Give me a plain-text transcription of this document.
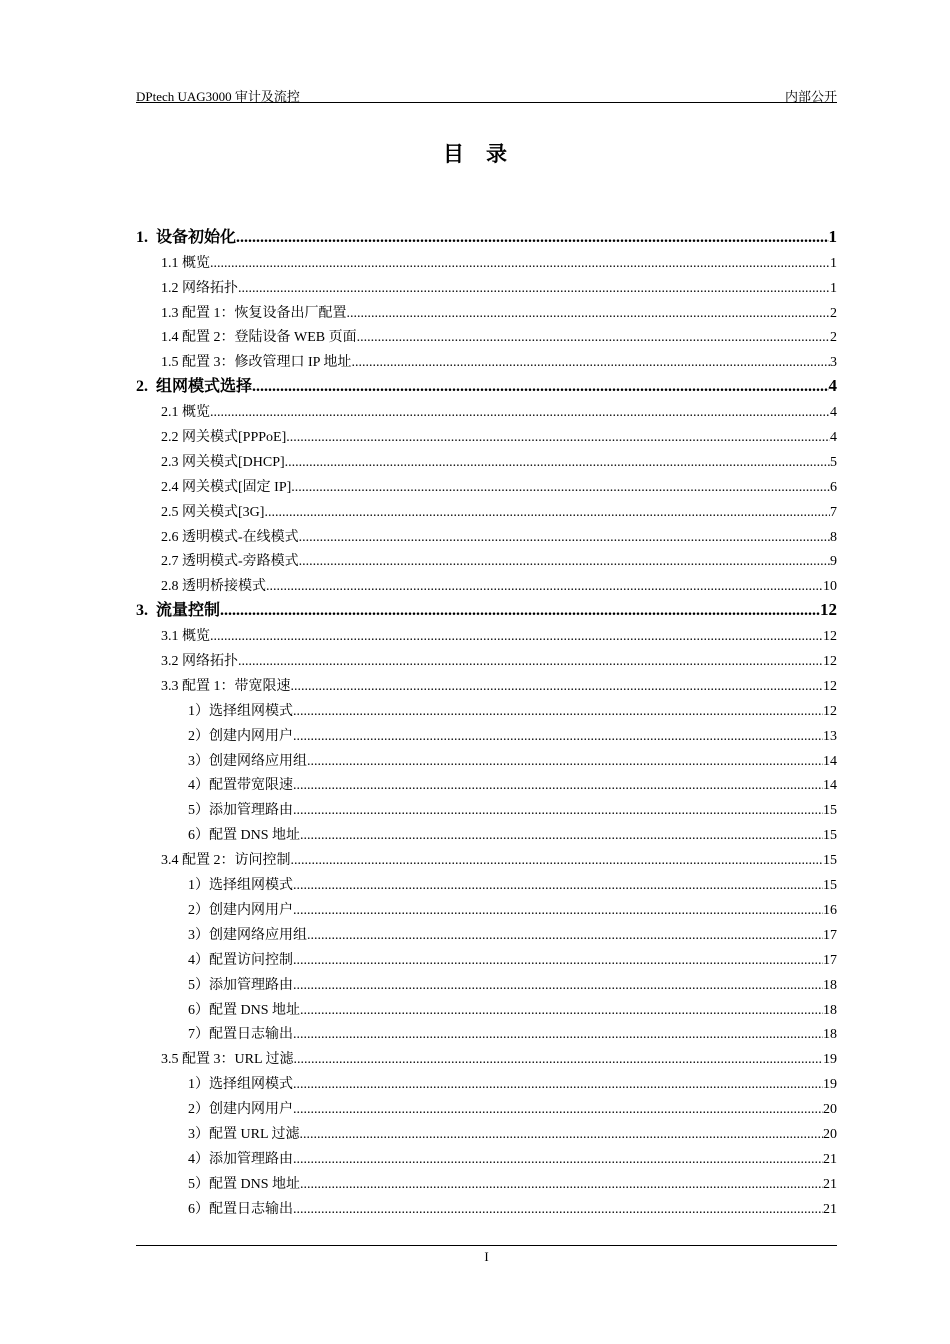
DPtech UAG3000 审计及流控	内部公开
目录
1. 设备初始化 .....	1
1.1 概览 .....	1
1.2 网络拓扑 .....	1
1.3 配置 1：恢复设备出厂配置 .....	2
1.4 配置 2：登陆设备 WEB 页面 .....	2
1.5 配置 3：修改管理口 IP 地址 .....	3
2. 组网模式选择 .....	4
2.1 概览 .....	4
2.2 网关模式[PPPoE] .....	4
2.3 网关模式[DHCP] .....	5
2.4 网关模式[固定 IP] .....	6
2.5 网关模式[3G] .....	7
2.6 透明模式-在线模式 .....	8
2.7 透明模式-旁路模式 .....	9
2.8 透明桥接模式 .....	10
3. 流量控制 .....	12
3.1 概览 .....	12
3.2 网络拓扑 .....	12
3.3 配置 1：带宽限速 .....	12
1）选择组网模式 .....	12
2）创建内网用户 .....	13
3）创建网络应用组 .....	14
4）配置带宽限速 .....	14
5）添加管理路由 .....	15
6）配置 DNS 地址 .....	15
3.4 配置 2：访问控制 .....	15
1）选择组网模式 .....	15
2）创建内网用户 .....	16
3）创建网络应用组 .....	17
4）配置访问控制 .....	17
5）添加管理路由 .....	18
6）配置 DNS 地址 .....	18
7）配置日志输出 .....	18
3.5 配置 3：URL 过滤 .....	19
1）选择组网模式 .....	19
2）创建内网用户 .....	20
3）配置 URL 过滤 .....	20
4）添加管理路由 .....	21
5）配置 DNS 地址 .....	21
6）配置日志输出 .....	21
I
